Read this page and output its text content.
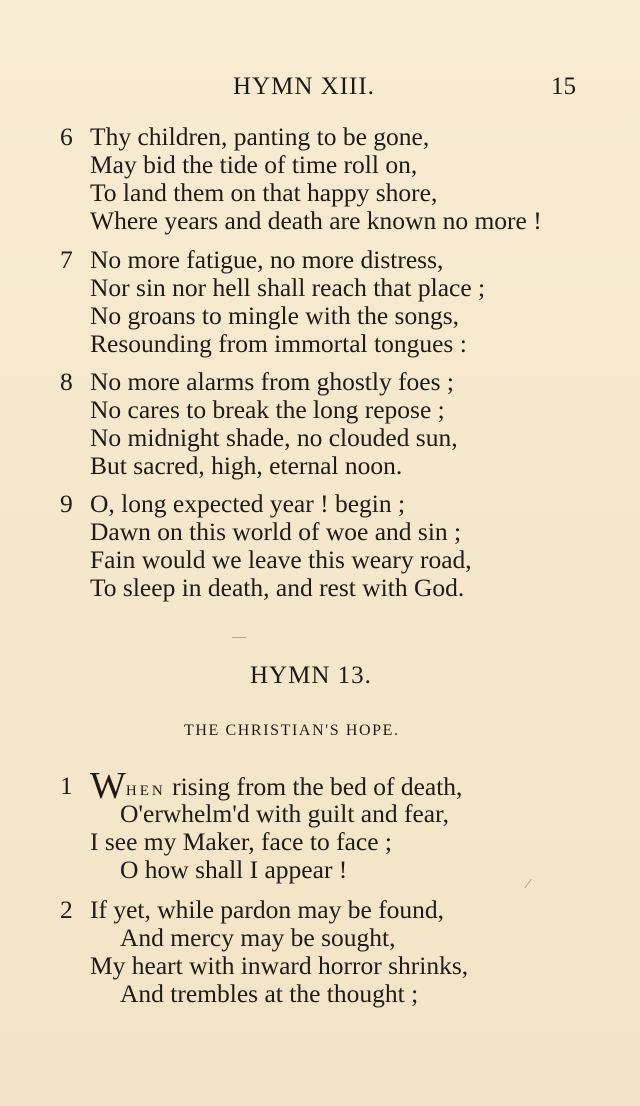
HYMN XIII.	15
6 Thy children, panting to be gone,
May bid the tide of time roll on,
To land them on that happy shore,
Where years and death are known no more !
7 No more fatigue, no more distress,
Nor sin nor hell shall reach that place ;
No groans to mingle with the songs,
Resounding from immortal tongues :
8 No more alarms from ghostly foes ;
No cares to break the long repose ;
No midnight shade, no clouded sun,
But sacred, high, eternal noon.
9 O, long expected year ! begin ;
Dawn on this world of woe and sin ;
Fain would we leave this weary road,
To sleep in death, and rest with God.
HYMN 13.
THE CHRISTIAN'S HOPE.
1 WHEN rising from the bed of death,
O'erwhelm'd with guilt and fear,
I see my Maker, face to face ;
O how shall I appear !
2 If yet, while pardon may be found,
And mercy may be sought,
My heart with inward horror shrinks,
And trembles at the thought ;
⁄
